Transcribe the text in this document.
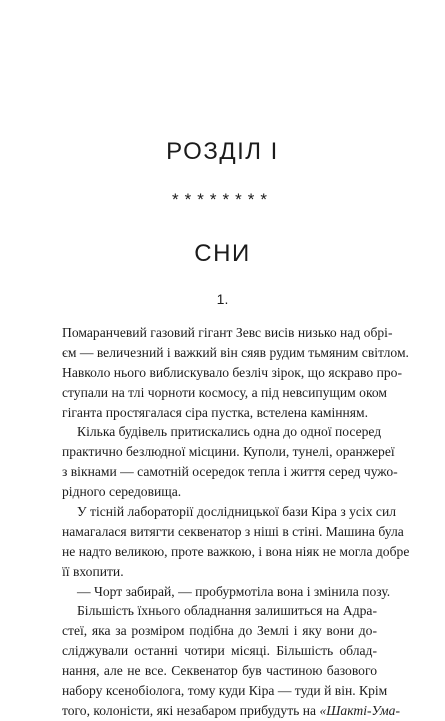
РОЗДІЛ І
********
СНИ
1.
Помаранчевий газовий гігант Зевс висів низько над обрі-
єм — величезний і важкий він сяяв рудим тьмяним світлом.
Навколо нього виблискувало безліч зірок, що яскраво про-
ступали на тлі чорноти космосу, а під невсипущим оком
гіганта простягалася сіра пустка, встелена камінням.
Кілька будівель притискались одна до одної посеред
практично безлюдної місцини. Куполи, тунелі, оранжереї
з вікнами — самотній осередок тепла і життя серед чужо-
рідного середовища.
У тісній лабораторії дослідницької бази Кіра з усіх сил
намагалася витягти секвенатор з ніші в стіні. Машина була
не надто великою, проте важкою, і вона ніяк не могла добре
її вхопити.
— Чорт забирай, — пробурмотіла вона і змінила позу.
Більшість їхнього обладнання залишиться на Адра-
стеї, яка за розміром подібна до Землі і яку вони до-
сліджували останні чотири місяці. Більшість облад-
нання, але не все. Секвенатор був частиною базового
набору ксенобіолога, тому куди Кіра — туди й він. Крім
того, колоністи, які незабаром прибудуть на «Шакті-Ума-
